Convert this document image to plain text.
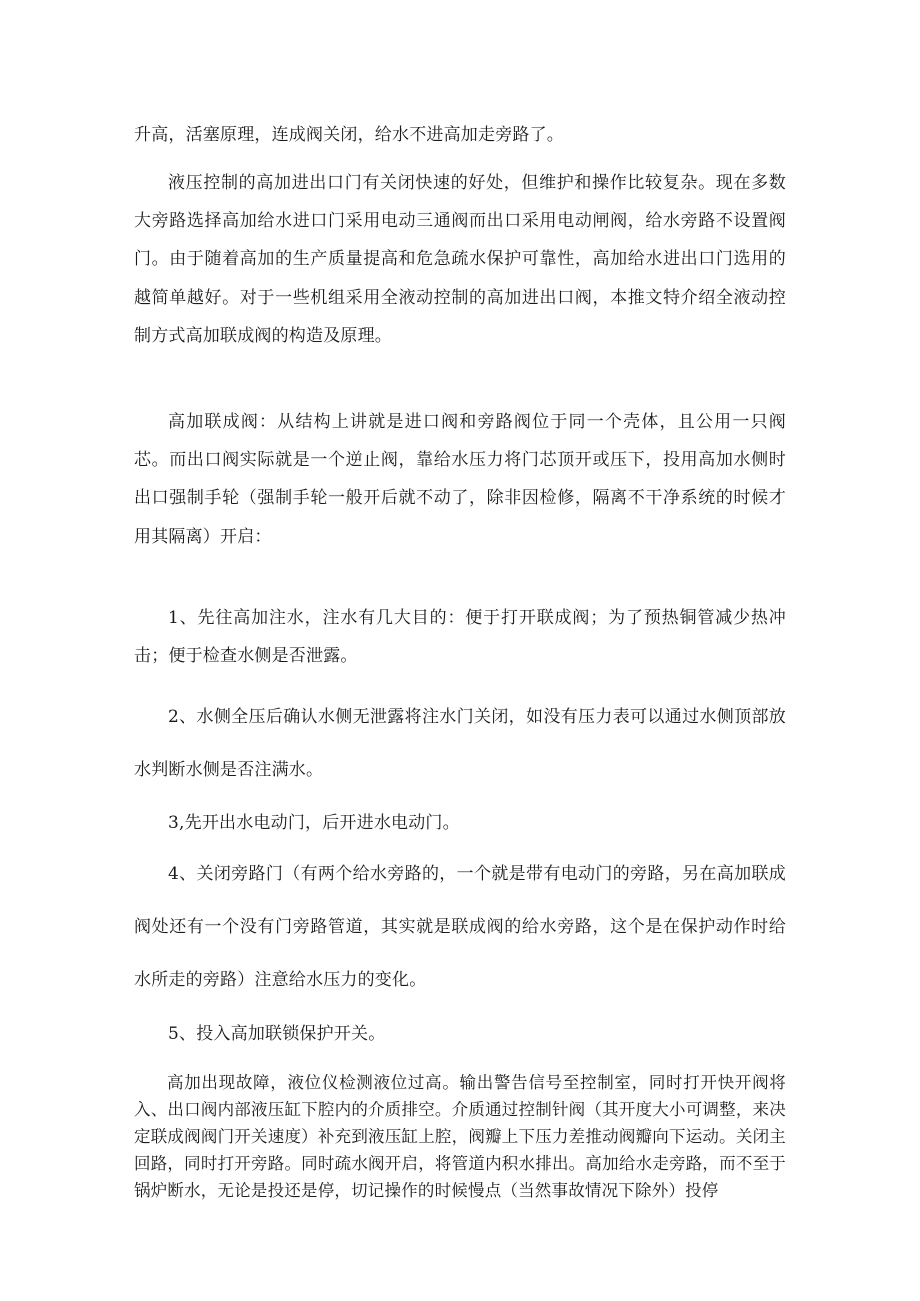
升高，活塞原理，连成阀关闭，给水不进高加走旁路了。

液压控制的高加进出口门有关闭快速的好处，但维护和操作比较复杂。现在多数大旁路选择高加给水进口门采用电动三通阀而出口采用电动闸阀，给水旁路不设置阀门。由于随着高加的生产质量提高和危急疏水保护可靠性，高加给水进出口门选用的越简单越好。对于一些机组采用全液动控制的高加进出口阀，本推文特介绍全液动控制方式高加联成阀的构造及原理。

高加联成阀：从结构上讲就是进口阀和旁路阀位于同一个壳体，且公用一只阀芯。而出口阀实际就是一个逆止阀，靠给水压力将门芯顶开或压下，投用高加水侧时出口强制手轮（强制手轮一般开后就不动了，除非因检修，隔离不干净系统的时候才用其隔离）开启：

1、先往高加注水，注水有几大目的：便于打开联成阀；为了预热铜管减少热冲击；便于检查水侧是否泄露。

2、水侧全压后确认水侧无泄露将注水门关闭，如没有压力表可以通过水侧顶部放水判断水侧是否注满水。

3,先开出水电动门，后开进水电动门。

4、关闭旁路门（有两个给水旁路的，一个就是带有电动门的旁路，另在高加联成阀处还有一个没有门旁路管道，其实就是联成阀的给水旁路，这个是在保护动作时给水所走的旁路）注意给水压力的变化。

5、投入高加联锁保护开关。

高加出现故障，液位仪检测液位过高。输出警告信号至控制室，同时打开快开阀将入、出口阀内部液压缸下腔内的介质排空。介质通过控制针阀（其开度大小可调整，来决定联成阀阀门开关速度）补充到液压缸上腔，阀瓣上下压力差推动阀瓣向下运动。关闭主回路，同时打开旁路。同时疏水阀开启，将管道内积水排出。高加给水走旁路，而不至于锅炉断水，无论是投还是停，切记操作的时候慢点（当然事故情况下除外）投停
